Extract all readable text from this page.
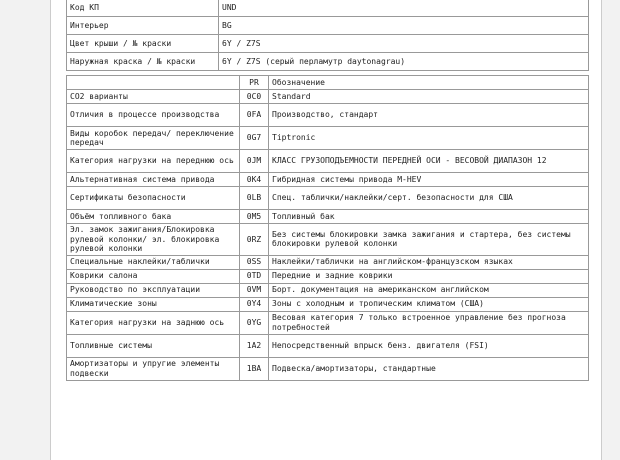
Код КП	UND
Интерьер	BG
Цвет крыши / № краски	6Y / Z7S
Наружная краска / № краски	6Y / Z7S (серый перламутр daytonagrau)
	PR	Обозначение
CO2 варианты	0C0	Standard
Отличия в процессе производства	0FA	Производство, стандарт
Виды коробок передач/ переключение передач	0G7	Tiptronic
Категория нагрузки на переднюю ось	0JM	КЛАСС ГРУЗОПОДЪЕМНОСТИ ПЕРЕДНЕЙ ОСИ - ВЕСОВОЙ ДИАПАЗОН 12
Альтернативная система привода	0K4	Гибридная системы привода M-HEV
Сертификаты безопасности	0LB	Спец. таблички/наклейки/серт. безопасности для США
Объём топливного бака	0M5	Топливный бак
Эл. замок зажигания/Блокировка рулевой колонки/ эл. блокировка рулевой колонки	0RZ	Без системы блокировки замка зажигания и стартера, без системы блокировки рулевой колонки
Специальные наклейки/таблички	0SS	Наклейки/таблички на английском-французском языках
Коврики салона	0TD	Передние и задние коврики
Руководство по эксплуатации	0VM	Борт. документация на американском английском
Климатические зоны	0Y4	Зоны с холодным и тропическим климатом (США)
Категория нагрузки на заднюю ось	0YG	Весовая категория 7 только встроенное управление без прогноза потребностей
Топливные системы	1A2	Непосредственный впрыск бенз. двигателя (FSI)
Амортизаторы и упругие элементы подвески	1BA	Подвеска/амортизаторы, стандартные
